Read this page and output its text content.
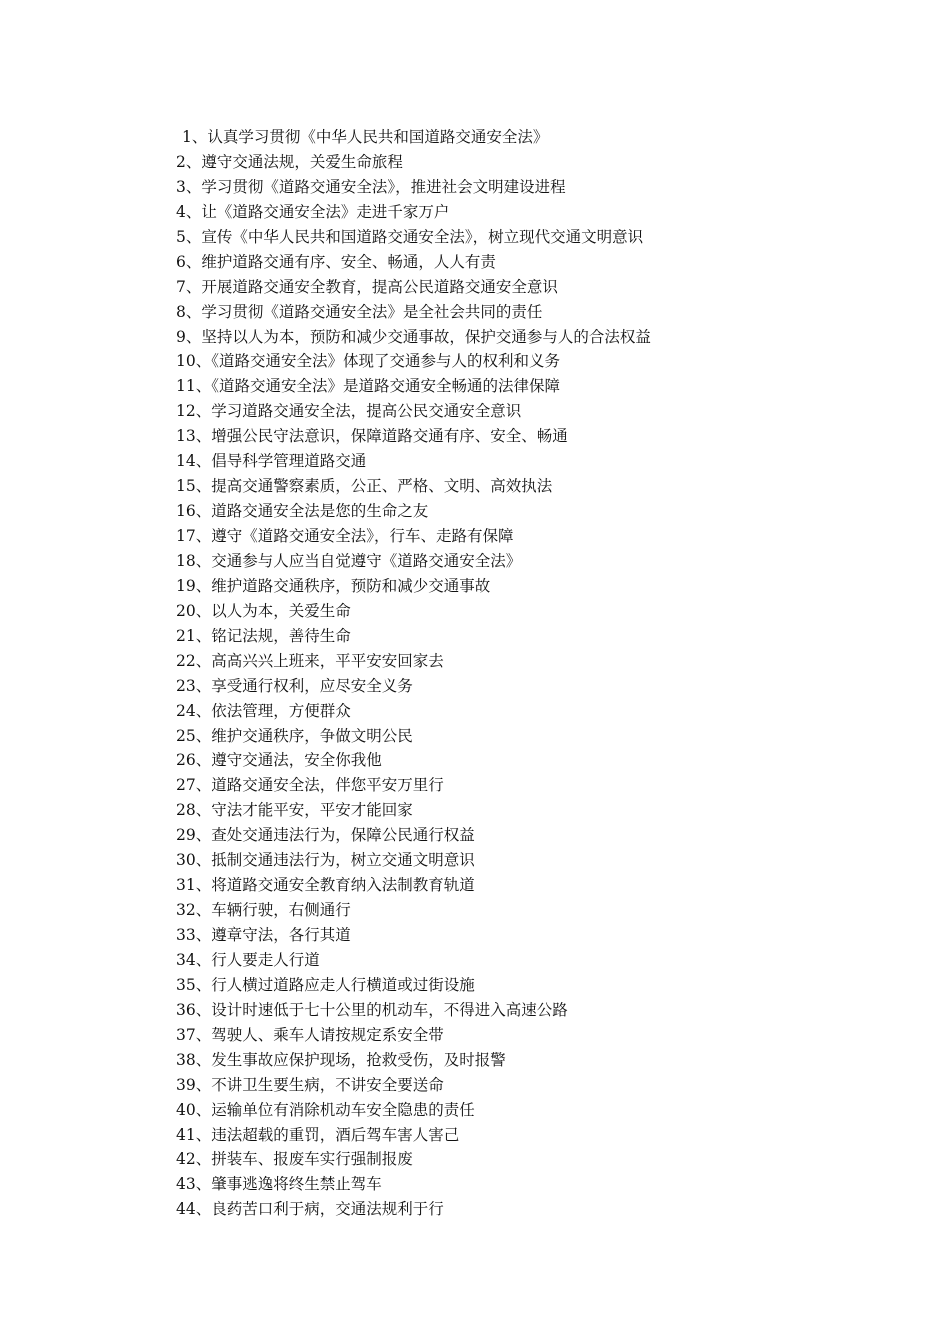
1、认真学习贯彻《中华人民共和国道路交通安全法》
2、遵守交通法规，关爱生命旅程
3、学习贯彻《道路交通安全法》，推进社会文明建设进程
4、让《道路交通安全法》走进千家万户
5、宣传《中华人民共和国道路交通安全法》，树立现代交通文明意识
6、维护道路交通有序、安全、畅通，人人有责
7、开展道路交通安全教育，提高公民道路交通安全意识
8、学习贯彻《道路交通安全法》是全社会共同的责任
9、坚持以人为本，预防和减少交通事故，保护交通参与人的合法权益
10、《道路交通安全法》体现了交通参与人的权利和义务
11、《道路交通安全法》是道路交通安全畅通的法律保障
12、学习道路交通安全法，提高公民交通安全意识
13、增强公民守法意识，保障道路交通有序、安全、畅通
14、倡导科学管理道路交通
15、提高交通警察素质，公正、严格、文明、高效执法
16、道路交通安全法是您的生命之友
17、遵守《道路交通安全法》，行车、走路有保障
18、交通参与人应当自觉遵守《道路交通安全法》
19、维护道路交通秩序，预防和减少交通事故
20、以人为本，关爱生命
21、铭记法规，善待生命
22、高高兴兴上班来，平平安安回家去
23、享受通行权利，应尽安全义务
24、依法管理，方便群众
25、维护交通秩序，争做文明公民
26、遵守交通法，安全你我他
27、道路交通安全法，伴您平安万里行
28、守法才能平安，平安才能回家
29、查处交通违法行为，保障公民通行权益
30、抵制交通违法行为，树立交通文明意识
31、将道路交通安全教育纳入法制教育轨道
32、车辆行驶，右侧通行
33、遵章守法，各行其道
34、行人要走人行道
35、行人横过道路应走人行横道或过街设施
36、设计时速低于七十公里的机动车，不得进入高速公路
37、驾驶人、乘车人请按规定系安全带
38、发生事故应保护现场，抢救受伤，及时报警
39、不讲卫生要生病，不讲安全要送命
40、运输单位有消除机动车安全隐患的责任
41、违法超载的重罚，酒后驾车害人害己
42、拼装车、报废车实行强制报废
43、肇事逃逸将终生禁止驾车
44、良药苦口利于病，交通法规利于行
